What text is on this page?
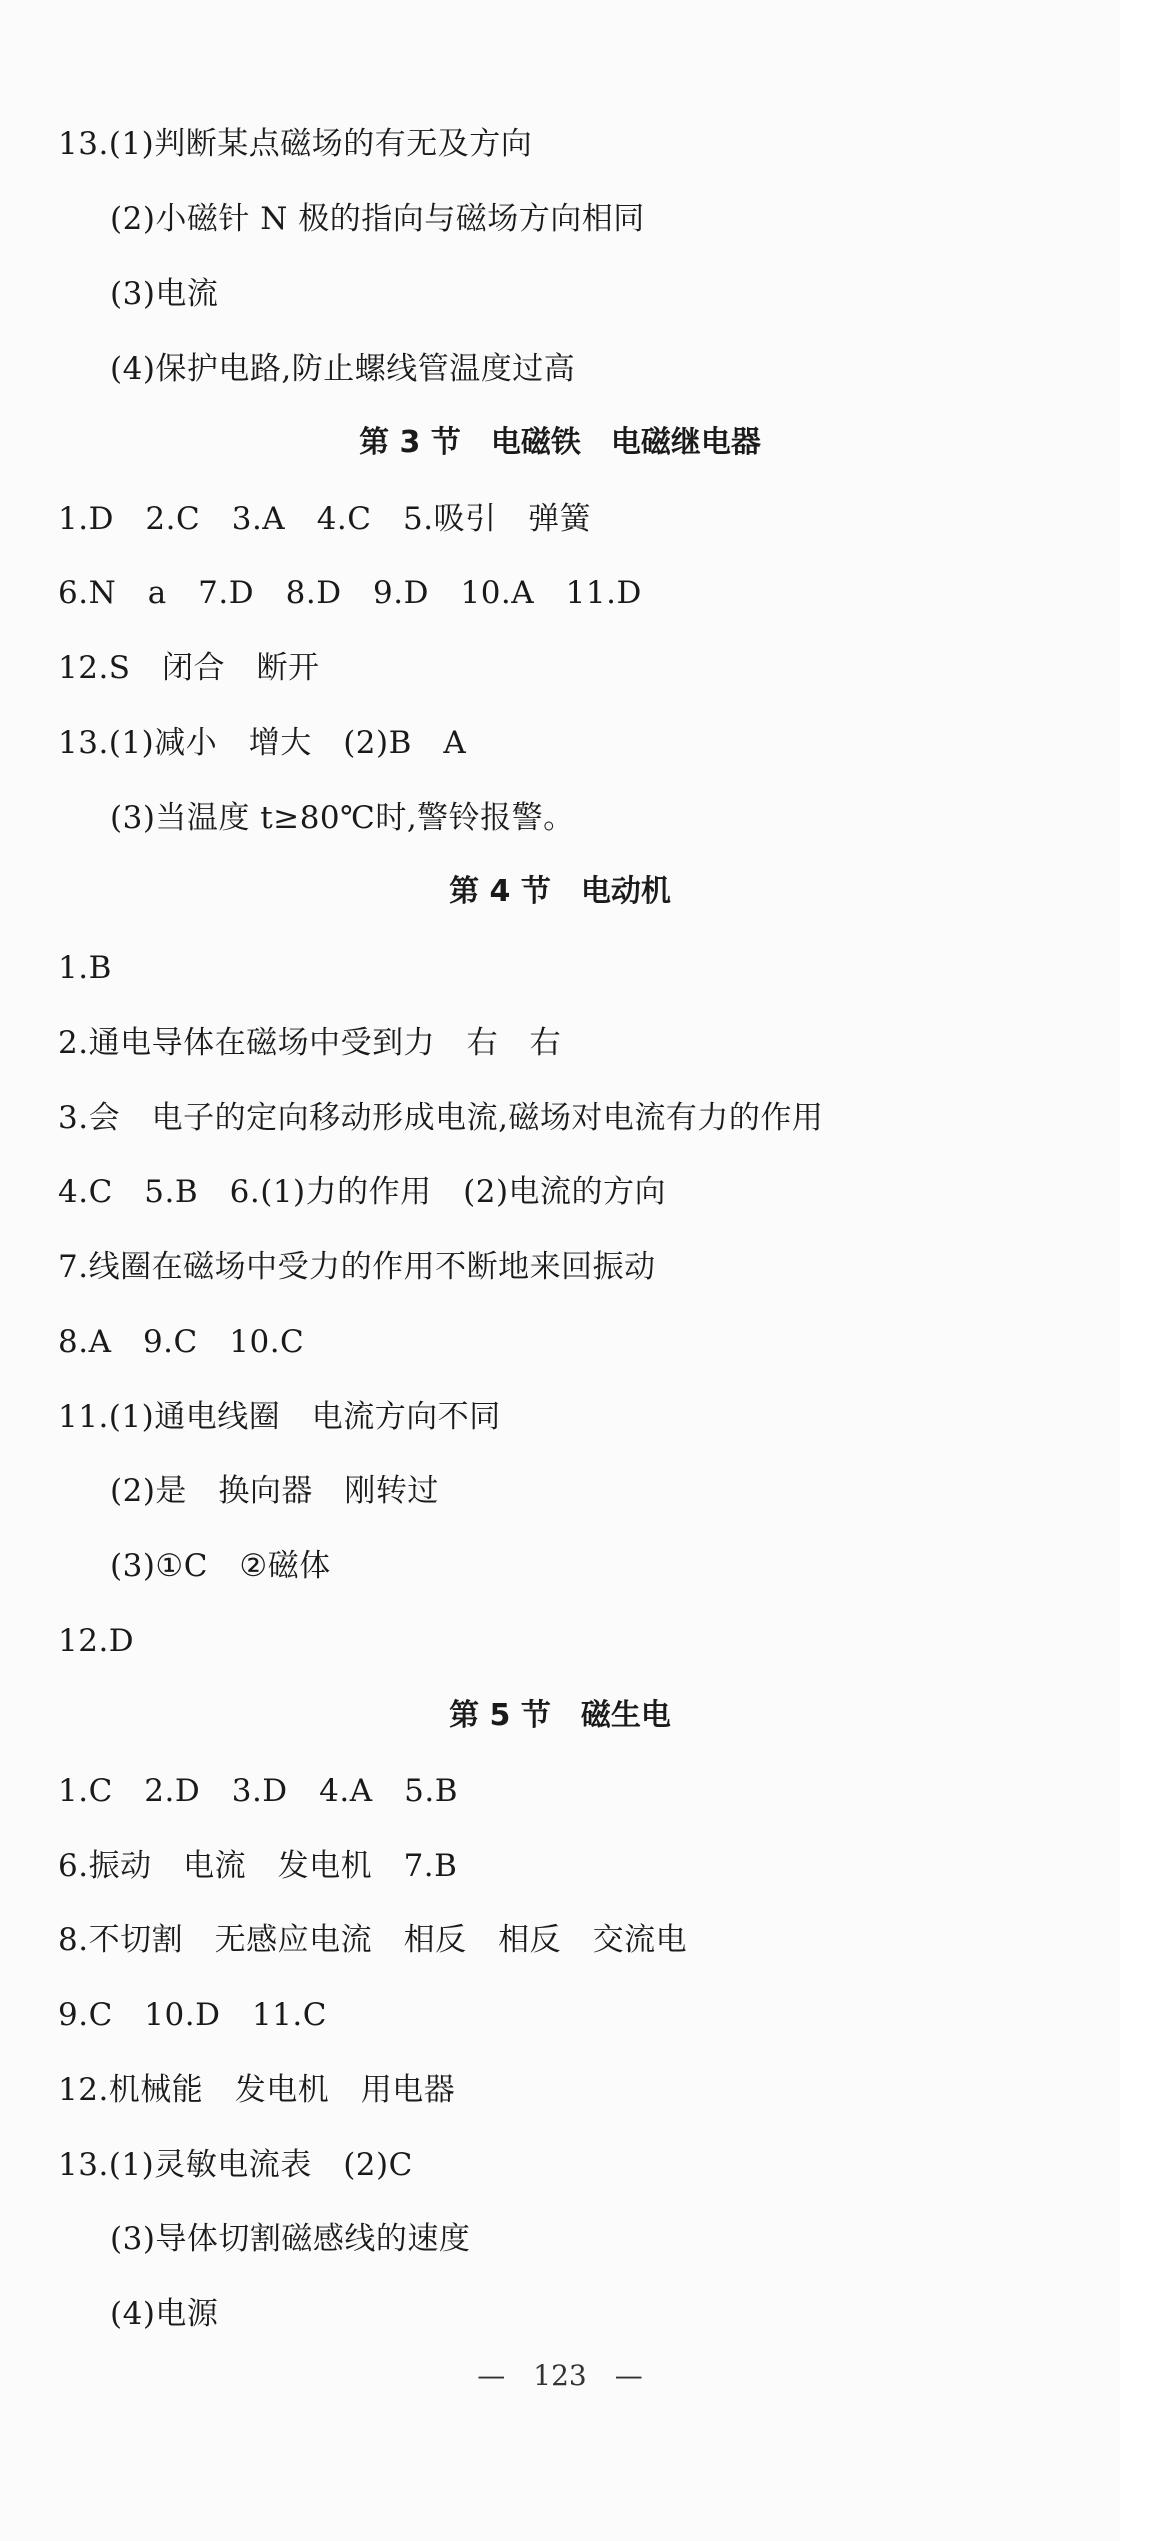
13.(1)判断某点磁场的有无及方向
(2)小磁针 N 极的指向与磁场方向相同
(3)电流
(4)保护电路,防止螺线管温度过高
第 3 节　电磁铁　电磁继电器
1.D　2.C　3.A　4.C　5.吸引　弹簧
6.N　a　7.D　8.D　9.D　10.A　11.D
12.S　闭合　断开
13.(1)减小　增大　(2)B　A
(3)当温度 t≥80℃时,警铃报警。
第 4 节　电动机
1.B
2.通电导体在磁场中受到力　右　右
3.会　电子的定向移动形成电流,磁场对电流有力的作用
4.C　5.B　6.(1)力的作用　(2)电流的方向
7.线圈在磁场中受力的作用不断地来回振动
8.A　9.C　10.C
11.(1)通电线圈　电流方向不同
(2)是　换向器　刚转过
(3)①C　②磁体
12.D
第 5 节　磁生电
1.C　2.D　3.D　4.A　5.B
6.振动　电流　发电机　7.B
8.不切割　无感应电流　相反　相反　交流电
9.C　10.D　11.C
12.机械能　发电机　用电器
13.(1)灵敏电流表　(2)C
(3)导体切割磁感线的速度
(4)电源
—　123　—
